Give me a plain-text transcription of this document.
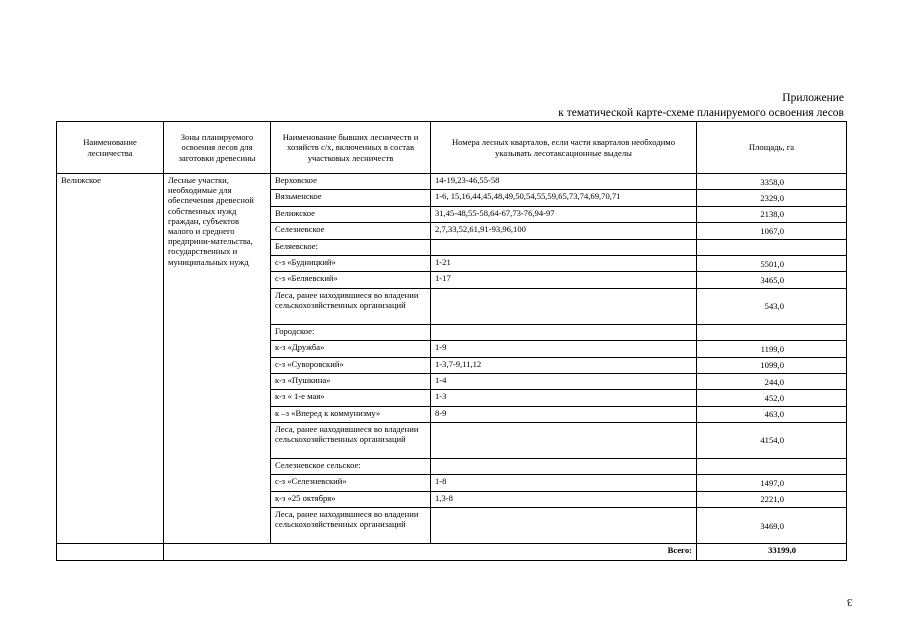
Приложение
к тематической карте-схеме планируемого освоения лесов
Наименование лесничества	Зоны планируемого освоения лесов для заготовки древесины	Наименование бывших лесничеств и хозяйств с/х, включенных в состав участковых лесничеств	Номера лесных кварталов, если части кварталов необходимо указывать лесотаксационные выделы	Площадь, га
Велижское	Лесные участки, необходимые для обеспечения древесной собственных нужд граждан, субъектов малого и среднего предприни-мательства, государственных и муниципальных нужд	Верховское	14-19,23-46,55-58	3358,0
		Вязьменское	1-6, 15,16,44,45,48,49,50,54,55,59,65,73,74,69,70,71	2329,0
		Велижское	31,45-48,55-58,64-67,73-76,94-97	2138,0
		Селезневское	2,7,33,52,61,91-93,96,100	1067,0
		Беляевское:		
		с-з «Будницкий»	1-21	5501,0
		с-з «Беляевский»	1-17	3465,0
		Леса, ранее находившиеся во владении сельскохозяйственных организаций		543,0
		Городское:		
		к-з «Дружба»	1-9	1199,0
		с-з «Суворовский»	1-3,7-9,11,12	1099,0
		к-з «Пушкина»	1-4	244,0
		к-з « 1-е мая»	1-3	452,0
		к –з «Вперед к коммунизму»	8-9	463,0
		Леса, ранее находившиеся во владении сельскохозяйственных организаций		4154,0
		Селезневское сельское:		
		с-з «Селезневский»	1-8	1497,0
		к-з «25 октября»	1,3-8	2221,0
		Леса, ранее находившиеся во владении сельскохозяйственных организаций		3469,0
	Всего:			33199,0
3
